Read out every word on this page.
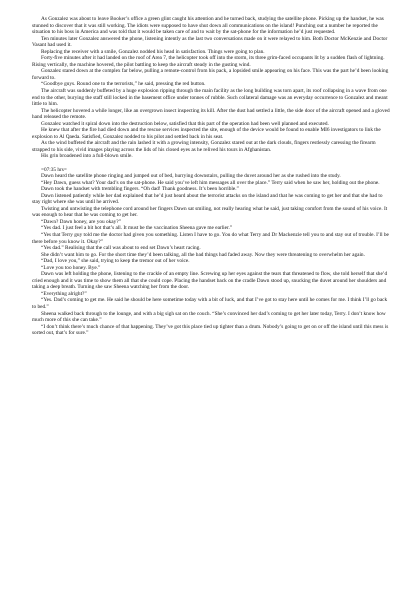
As Gonzalez was about to leave Booker’s office a green glint caught his attention and he turned back, studying the satellite phone. Picking up the handset, he was stunned to discover that it was still working. The idiots were supposed to have shut down all communications on the island! Punching out a number he reported the situation to his boss in America and was told that it would be taken care of and to wait by the sat-phone for the information he’d just requested.

Ten minutes later Gonzalez answered the phone, listening intently as the last two conversations made on it were relayed to him. Both Doctor McKenzie and Doctor Vasant had used it.

Replacing the receiver with a smile, Gonzalez nodded his head in satisfaction. Things were going to plan.

Forty-five minutes after it had landed on the roof of Area 7, the helicopter took off into the storm, its three grim-faced occupants lit by a sudden flash of lightning. Rising vertically, the machine hovered, the pilot battling to keep the aircraft steady in the gusting wind.

Gonzalez stared down at the complex far below, pulling a remote-control from his pack, a lopsided smile appearing on his face. This was the part he’d been looking forward to.

“Goodbye guys. Round one to the terrorists,” he said, pressing the red button.

The aircraft was suddenly buffeted by a huge explosion ripping through the main facility as the long building was torn apart, its roof collapsing in a wave from one end to the other, burying the staff still locked in the basement office under tonnes of rubble. Such collateral damage was an everyday occurrence to Gonzalez and meant little to him.

The helicopter hovered a while longer, like an overgrown insect inspecting its kill. After the dust had settled a little, the side door of the aircraft opened and a gloved hand released the remote.

Gonzalez watched it spiral down into the destruction below, satisfied that this part of the operation had been well planned and executed.

He knew that after the fire had died down and the rescue services inspected the site, enough of the device would be found to enable MI6 investigators to link the explosion to Al Qaeda. Satisfied, Gonzalez nodded to his pilot and settled back in his seat.

As the wind buffeted the aircraft and the rain lashed it with a growing intensity, Gonzalez stared out at the dark clouds, fingers restlessly caressing the firearm strapped to his side, vivid images playing across the lids of his closed eyes as he relived his tours in Afghanistan.

His grin broadened into a full-blown smile.

=07:35 hrs=

Dawn heard the satellite phone ringing and jumped out of bed, hurrying downstairs, pulling the duvet around her as she rushed into the study.

“Hey Dawn, guess what? Your dad’s on the sat-phone. He said you’ve left him messages all over the place.” Terry said when he saw her, holding out the phone.

Dawn took the handset with trembling fingers. “Oh dad! Thank goodness. It’s been horrible.”

Dawn listened patiently while her dad explained that he’d just heard about the terrorist attacks on the island and that he was coming to get her and that she had to stay right where she was until he arrived.

Twisting and untwisting the telephone cord around her fingers Dawn sat smiling, not really hearing what he said, just taking comfort from the sound of his voice. It was enough to hear that he was coming to get her.

“Dawn? Dawn honey, are you okay?”

“Yes dad. I just feel a bit hot that’s all. It must be the vaccination Sheena gave me earlier.”

“Yes that Terry guy told me the doctor had given you something. Listen I have to go. You do what Terry and Dr Mackenzie tell you to and stay out of trouble. I’ll be there before you know it. Okay?”

“Yes dad.” Realising that the call was about to end set Dawn’s heart racing.

She didn’t want him to go. For the short time they’d been talking, all the bad things had faded away. Now they were threatening to overwhelm her again.

“Dad, I love you,” she said, trying to keep the tremor out of her voice.

“Love you too honey. Bye.”

Dawn was left holding the phone, listening to the crackle of an empty line. Screwing up her eyes against the tears that threatened to flow, she told herself that she’d cried enough and it was time to show them all that she could cope. Placing the handset back on the cradle Dawn stood up, snucking the duvet around her shoulders and taking a deep breath. Turning she saw Sheena watching her from the door.

“Everything alright?”

“Yes. Dad’s coming to get me. He said he should be here sometime today with a bit of luck, and that I’ve got to stay here until he comes for me. I think I’ll go back to bed.”

Sheena walked back through to the lounge, and with a big sigh sat on the couch. “She’s convinced her dad’s coming to get her later today, Terry. I don’t know how much more of this she can take.”

“I don’t think there’s much chance of that happening. They’ve got this place tied up tighter than a drum. Nobody’s going to get on or off the island until this mess is sorted out, that’s for sure.”
